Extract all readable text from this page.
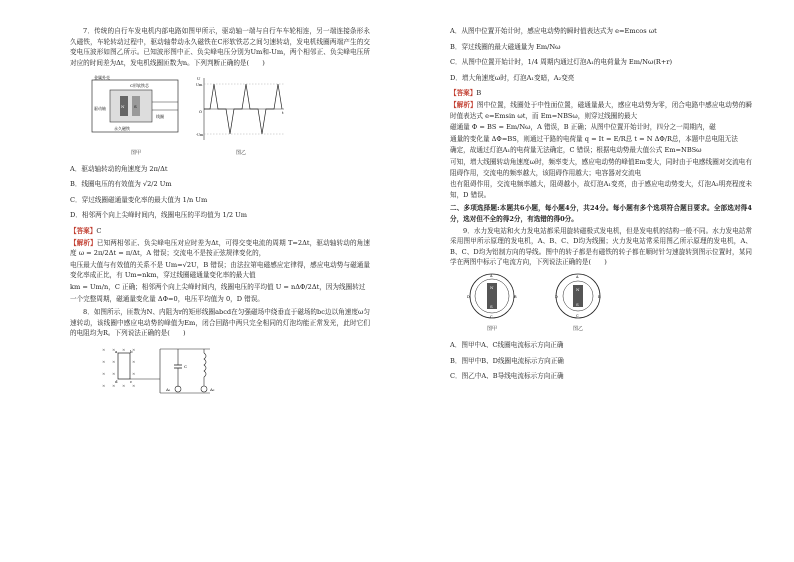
7．传统的自行车发电机内部电路如图甲所示，驱动轴一端与自行车车轮相连，另一端连接条形永久磁铁，车轮转动过程中，驱动轴带动永久磁铁在C形软铁芯之间匀速转动，发电机线圈两端产生的交变电压波形如图乙所示。已知波形图中正、负尖峰电压分别为Um和-Um，两个相邻正、负尖峰电压所对应的时间差为Δt，发电机线圈匝数为n。下列判断正确的是(　　)

金属外壳
C形软铁芯
N S
驱动轴
线圈
永久磁铁
图甲
U
Um
O
-Um
t
图乙

A．驱动轴转动的角速度为 2π/Δt

B．线圈电压的有效值为 √2/2 Um

C．穿过线圈磁通量变化率的最大值为 1/n Um

D．相邻两个向上尖峰时间内，线圈电压的平均值为 1/2 Um

【答案】C

【解析】已知两相邻正、负尖峰电压对应时差为Δt，可得交变电流的周期 T=2Δt，驱动轴转动的角速度 ω = 2π/2Δt = π/Δt，A 错误；交流电不是按正弦规律变化的，

电压最大值与有效值的关系不是 Um=√2U，B 错误；由法拉第电磁感应定律得，感应电动势与磁通量变化率成正比，有 Um=nkm，穿过线圈磁通量变化率的最大值

km = Um/n，C 正确；相邻两个向上尖峰时间内，线圈电压的平均值 U = nΔΦ/2Δt，因为线圈转过

一个完整周期，磁通量变化量 ΔΦ=0，电压平均值为 0，D 错误。

8．如图所示，匝数为N、内阻为r的矩形线圈abcd在匀强磁场中绕垂直于磁场的bc边以角速度ω匀速转动，该线圈中感应电动势的峰值为Em，闭合回路中两只完全相同的灯泡均能正常发光，此时它们的电阻均为R。下列说法正确的是(　　)

× × × ×
× ×	×
× ×	×
× × × ×
a	b
c
d
C
A₁	A₂

A．从图中位置开始计时，感应电动势的瞬时值表达式为 e=Emcos ωt

B．穿过线圈的最大磁通量为 Em/Nω

C．从图中位置开始计时，1/4 周期内通过灯泡A₁的电荷量为 Em/Nω(R+r)

D．增大角速度ω时，灯泡A₁变暗，A₂变亮

【答案】B

【解析】图中位置，线圈处于中性面位置，磁通量最大，感应电动势为零，闭合电路中感应电动势的瞬时值表达式 e=Emsin ωt，而 Em=NBSω，则穿过线圈的最大

磁通量 Φ = BS = Em/Nω，A 错误，B 正确；从图中位置开始计时，四分之一周期内，磁

通量的变化量 ΔΦ=BS，则通过干路的电荷量 q = It = E/R总 t = N ΔΦ/R总，本题中总电阻无法

确定，故通过灯泡A₁的电荷量无法确定，C 错误；根据电动势最大值公式 Em=NBSω

可知，增大线圈转动角速度ω时，频率变大，感应电动势的峰值Em变大，同时由于电感线圈对交流电有阻碍作用，交流电的频率越大，该阻碍作用越大；电容器对交流电

也有阻碍作用，交流电频率越大，阻碍越小，故灯泡A₁变亮，由于感应电动势变大，灯泡A₂明亮程度未知，D 错误。

二、多项选择题:本题共6小题，每小题4分，共24分。每小题有多个选项符合题目要求。全部选对得4分，选对但不全的得2分，有选错的得0分。

9．水力发电站和火力发电站都采用旋转磁极式发电机，但是发电机的结构一般不同。水力发电站常采用图甲所示原理的发电机，A、B、C、D均为线圈；火力发电站常采用图乙所示原理的发电机，A、B、C、D均为铝制方向的导线。图中的转子都是有磁铁的转子都在顺时针匀速旋转到图示位置时，某同学在两图中标示了电流方向，下列说法正确的是(　　)

N
S
A
B
C
D
图甲
N
S
A
B
C
D
图乙

A．图甲中A、C线圈电流标示方向正确

B．图甲中B、D线圈电流标示方向正确

C．图乙中A、B导线电流标示方向正确
